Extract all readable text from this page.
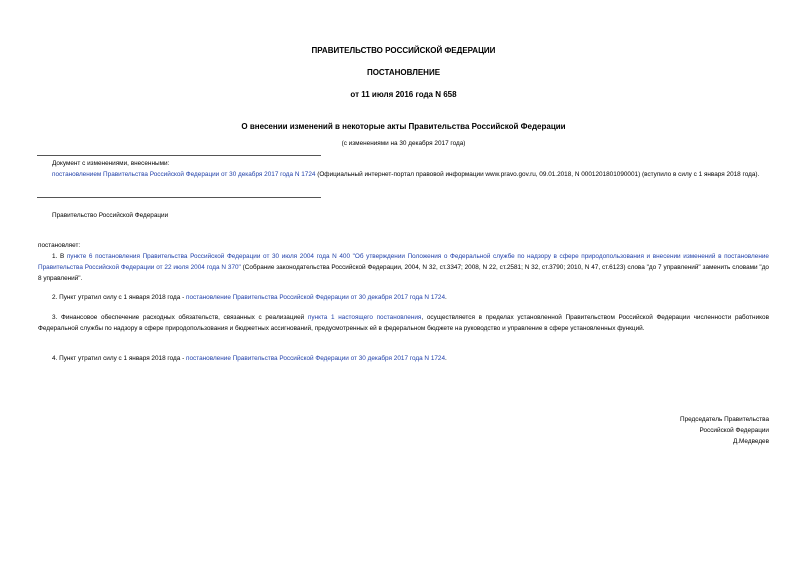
ПРАВИТЕЛЬСТВО РОССИЙСКОЙ ФЕДЕРАЦИИ
ПОСТАНОВЛЕНИЕ
от 11 июля 2016 года N 658
О внесении изменений в некоторые акты Правительства Российской Федерации
(с изменениями на 30 декабря 2017 года)
Документ с изменениями, внесенными:
постановлением Правительства Российской Федерации от 30 декабря 2017 года N 1724 (Официальный интернет-портал правовой информации www.pravo.gov.ru, 09.01.2018, N 0001201801090001) (вступило в силу с 1 января 2018 года).
Правительство Российской Федерации
постановляет:
1. В пункте 6 постановления Правительства Российской Федерации от 30 июля 2004 года N 400 "Об утверждении Положения о Федеральной службе по надзору в сфере природопользования и внесении изменений в постановление Правительства Российской Федерации от 22 июля 2004 года N 370" (Собрание законодательства Российской Федерации, 2004, N 32, ст.3347; 2008, N 22, ст.2581; N 32, ст.3790; 2010, N 47, ст.6123) слова "до 7 управлений" заменить словами "до 8 управлений".
2. Пункт утратил силу с 1 января 2018 года - постановление Правительства Российской Федерации от 30 декабря 2017 года N 1724.
3. Финансовое обеспечение расходных обязательств, связанных с реализацией пункта 1 настоящего постановления, осуществляется в пределах установленной Правительством Российской Федерации численности работников Федеральной службы по надзору в сфере природопользования и бюджетных ассигнований, предусмотренных ей в федеральном бюджете на руководство и управление в сфере установленных функций.
4. Пункт утратил силу с 1 января 2018 года - постановление Правительства Российской Федерации от 30 декабря 2017 года N 1724.
Председатель Правительства
Российской Федерации
Д.Медведев
